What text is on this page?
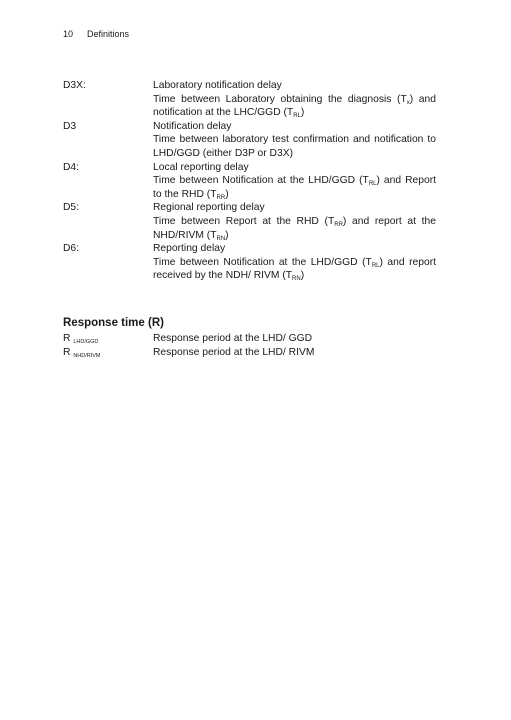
10 Definitions
D3X:	Laboratory notification delay
Time between Laboratory obtaining the diagnosis $(T_x)$ and notification at the LHC/GGD $(T_{RL})$
D3	Notification delay
Time between laboratory test confirmation and notification to LHD/GGD (either D3P or D3X)
D4:	Local reporting delay
Time between Notification at the LHD/GGD $(T_{RL})$ and Report to the RHD $(T_{RR})$
D5:	Regional reporting delay
Time between Report at the RHD $(T_{RR})$ and report at the NHD/RIVM $(T_{RN})$
D6:	Reporting delay
Time between Notification at the LHD/GGD $(T_{RL})$ and report received by the NDH/ RIVM $(T_{RN})$
Response time (R)
R $_{LHD/GGD}$	Response period at the LHD/ GGD
R $_{NHD/RIVM}$	Response period at the LHD/ RIVM
